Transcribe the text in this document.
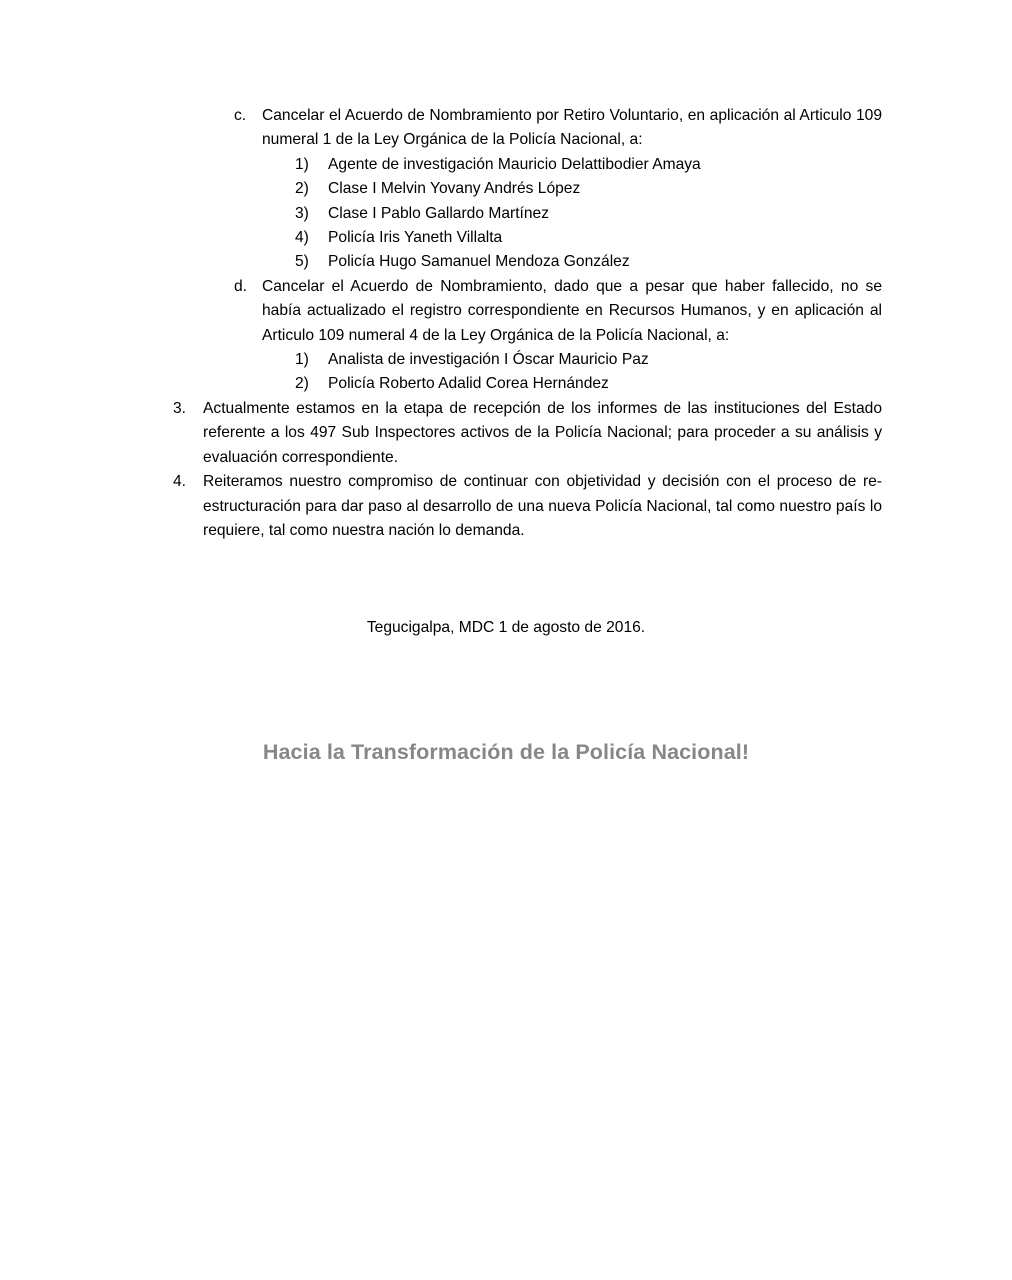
c.	Cancelar el Acuerdo de Nombramiento por Retiro Voluntario, en aplicación al Articulo 109 numeral 1 de la Ley Orgánica de la Policía Nacional, a:
1)	Agente de investigación Mauricio Delattibodier Amaya
2)	Clase I Melvin Yovany Andrés López
3)	Clase I Pablo Gallardo Martínez
4)	Policía Iris Yaneth Villalta
5)	Policía Hugo Samanuel Mendoza González
d. Cancelar el Acuerdo de Nombramiento, dado que a pesar que haber fallecido, no se había actualizado el registro correspondiente en Recursos Humanos, y en aplicación al Articulo 109 numeral 4 de la Ley Orgánica de la Policía Nacional, a:
1)	Analista de investigación I Óscar Mauricio Paz
2)	Policía Roberto Adalid Corea Hernández
3.	Actualmente estamos en la etapa de recepción de los informes de las instituciones del Estado referente a los 497 Sub Inspectores activos de la Policía Nacional; para proceder a su análisis y evaluación correspondiente.
4.	Reiteramos nuestro compromiso de continuar con objetividad y decisión con el proceso de re-estructuración para dar paso al desarrollo de una nueva Policía Nacional, tal como nuestro país lo requiere, tal como nuestra nación lo demanda.
Tegucigalpa, MDC 1 de agosto de 2016.
Hacia la Transformación de la Policía Nacional!
